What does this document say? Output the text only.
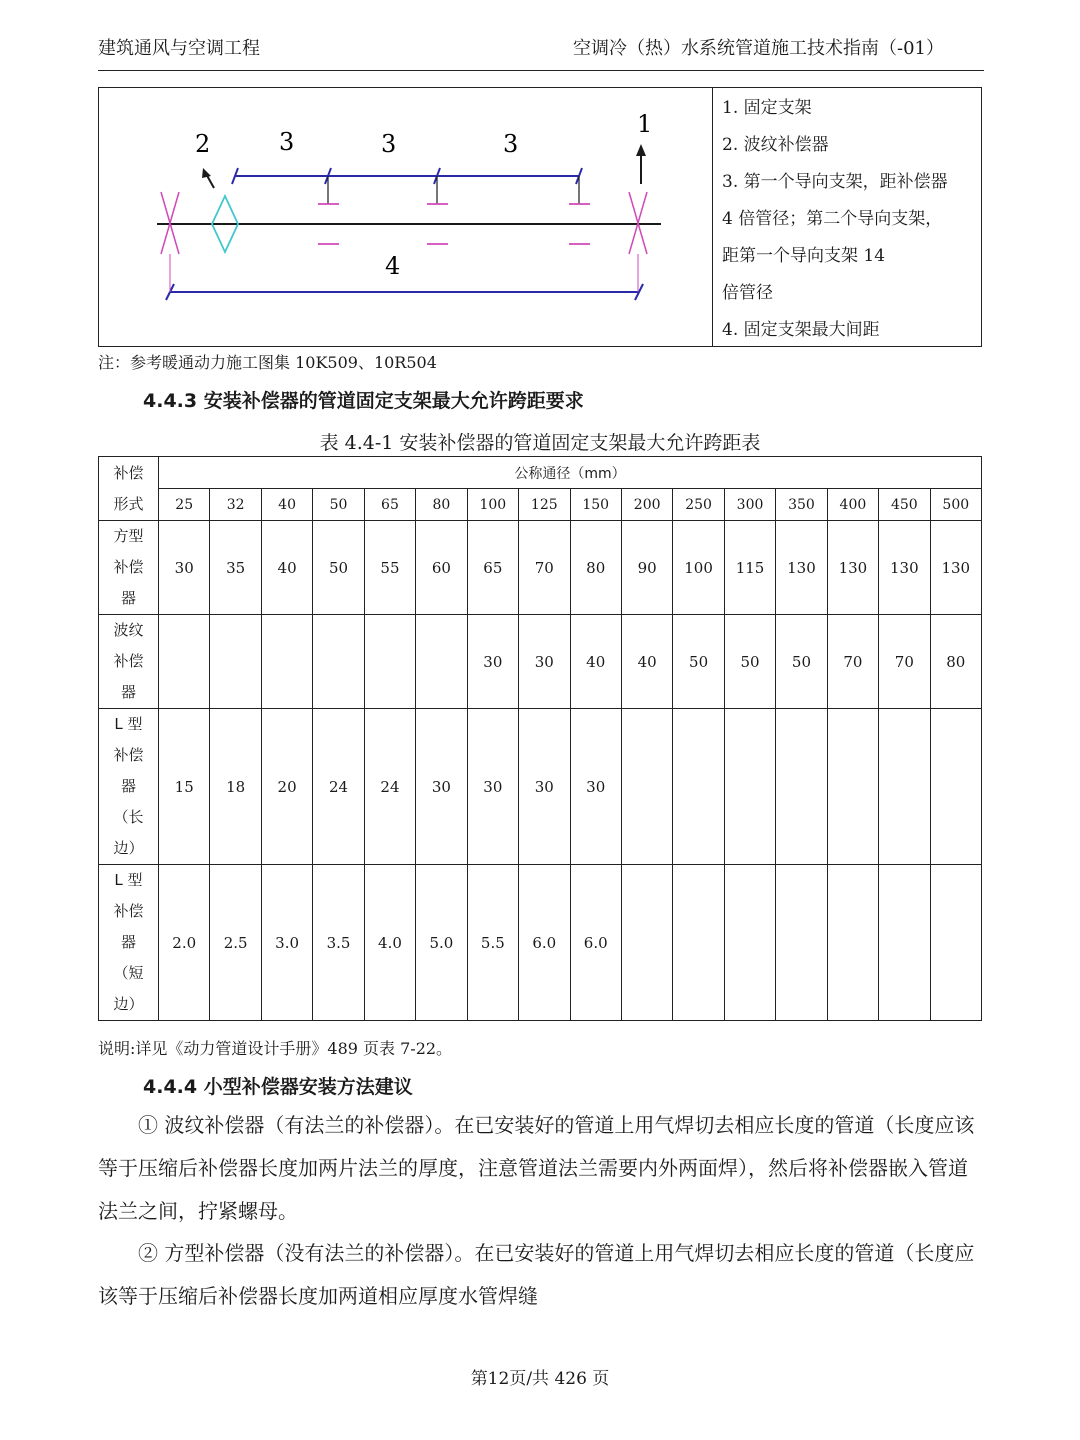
建筑通风与空调工程	空调冷（热）水系统管道施工技术指南（-01）
2	3	3	3
1
4
1. 固定支架
2. 波纹补偿器
3. 第一个导向支架，距补偿器
4 倍管径；第二个导向支架，
距第一个导向支架 14
倍管径
4. 固定支架最大间距
注：参考暖通动力施工图集 10K509、10R504
4.4.3 安装补偿器的管道固定支架最大允许跨距要求
表 4.4-1 安装补偿器的管道固定支架最大允许跨距表
补偿
形式	公称通径（mm）															
	25	32	40	50	65	80	100	125	150	200	250	300	350	400	450	500

方型
补偿
器	30	35	40	50	55	60	65	70	80	90	100	115	130	130	130	130

波纹
补偿
器							30	30	40	40	50	50	50	70	70	80

L 型
补偿
器
（长
边）	15	18	20	24	24	30	30	30	30							

L 型
补偿
器
（短
边）	2.0	2.5	3.0	3.5	4.0	5.0	5.5	6.0	6.0							
说明:详见《动力管道设计手册》489 页表 7-22。
4.4.4 小型补偿器安装方法建议
① 波纹补偿器（有法兰的补偿器）。在已安装好的管道上用气焊切去相应长度的管道（长度应该等于压缩后补偿器长度加两片法兰的厚度，注意管道法兰需要内外两面焊），然后将补偿器嵌入管道法兰之间，拧紧螺母。
② 方型补偿器（没有法兰的补偿器）。在已安装好的管道上用气焊切去相应长度的管道（长度应该等于压缩后补偿器长度加两道相应厚度水管焊缝
第12页/共 426 页
